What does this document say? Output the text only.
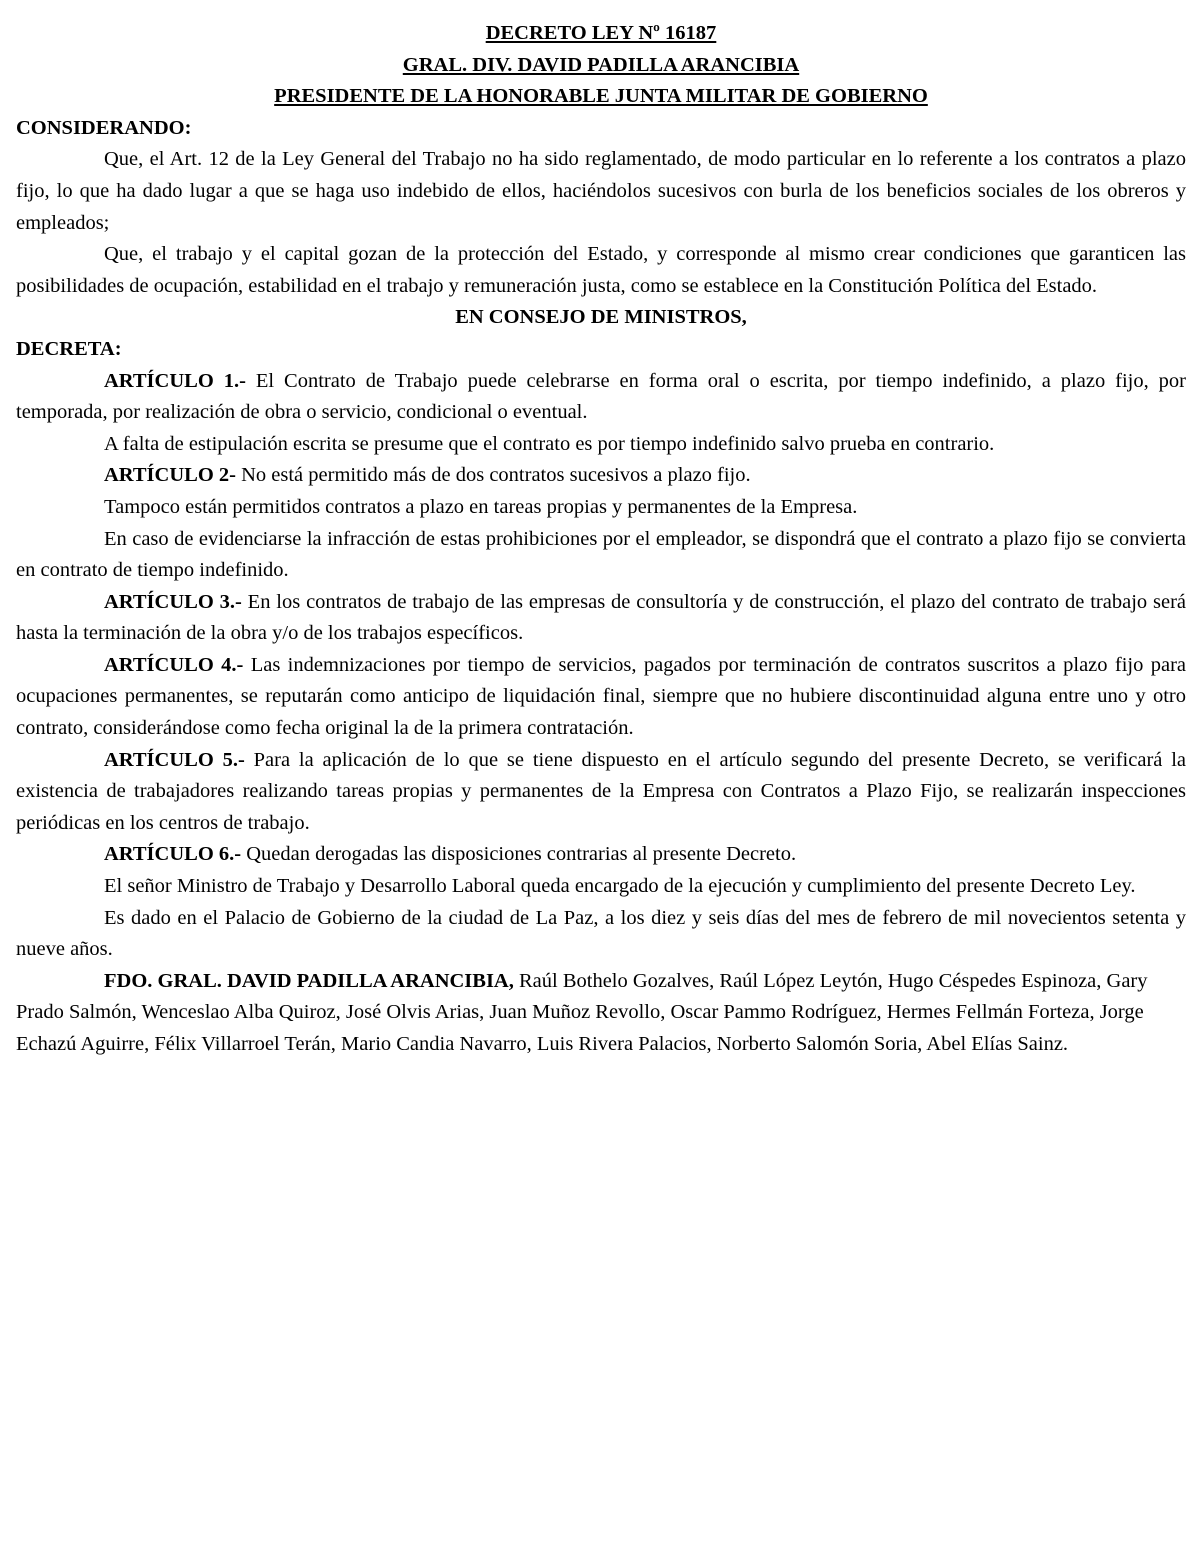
DECRETO LEY Nº 16187
GRAL. DIV. DAVID PADILLA ARANCIBIA
PRESIDENTE DE LA HONORABLE JUNTA MILITAR DE GOBIERNO
CONSIDERANDO:

Que, el Art. 12 de la Ley General del Trabajo no ha sido reglamentado, de modo particular en lo referente a los contratos a plazo fijo, lo que ha dado lugar a que se haga uso indebido de ellos, haciéndolos sucesivos con burla de los beneficios sociales de los obreros y empleados;

Que, el trabajo y el capital gozan de la protección del Estado, y corresponde al mismo crear condiciones que garanticen las posibilidades de ocupación, estabilidad en el trabajo y remuneración justa, como se establece en la Constitución Política del Estado.

EN CONSEJO DE MINISTROS,
DECRETA:

ARTÍCULO 1.- El Contrato de Trabajo puede celebrarse en forma oral o escrita, por tiempo indefinido, a plazo fijo, por temporada, por realización de obra o servicio, condicional o eventual.

A falta de estipulación escrita se presume que el contrato es por tiempo indefinido salvo prueba en contrario.

ARTÍCULO 2- No está permitido más de dos contratos sucesivos a plazo fijo.

Tampoco están permitidos contratos a plazo en tareas propias y permanentes de la Empresa.

En caso de evidenciarse la infracción de estas prohibiciones por el empleador, se dispondrá que el contrato a plazo fijo se convierta en contrato de tiempo indefinido.

ARTÍCULO 3.- En los contratos de trabajo de las empresas de consultoría y de construcción, el plazo del contrato de trabajo será hasta la terminación de la obra y/o de los trabajos específicos.

ARTÍCULO 4.- Las indemnizaciones por tiempo de servicios, pagados por terminación de contratos suscritos a plazo fijo para ocupaciones permanentes, se reputarán como anticipo de liquidación final, siempre que no hubiere discontinuidad alguna entre uno y otro contrato, considerándose como fecha original la de la primera contratación.

ARTÍCULO 5.- Para la aplicación de lo que se tiene dispuesto en el artículo segundo del presente Decreto, se verificará la existencia de trabajadores realizando tareas propias y permanentes de la Empresa con Contratos a Plazo Fijo, se realizarán inspecciones periódicas en los centros de trabajo.

ARTÍCULO 6.- Quedan derogadas las disposiciones contrarias al presente Decreto.

El señor Ministro de Trabajo y Desarrollo Laboral queda encargado de la ejecución y cumplimiento del presente Decreto Ley.

Es dado en el Palacio de Gobierno de la ciudad de La Paz, a los diez y seis días del mes de febrero de mil novecientos setenta y nueve años.

FDO. GRAL. DAVID PADILLA ARANCIBIA, Raúl Bothelo Gozalves, Raúl López Leytón, Hugo Céspedes Espinoza, Gary Prado Salmón, Wenceslao Alba Quiroz, José Olvis Arias, Juan Muñoz Revollo, Oscar Pammo Rodríguez, Hermes Fellmán Forteza, Jorge Echazú Aguirre, Félix Villarroel Terán, Mario Candia Navarro, Luis Rivera Palacios, Norberto Salomón Soria, Abel Elías Sainz.
